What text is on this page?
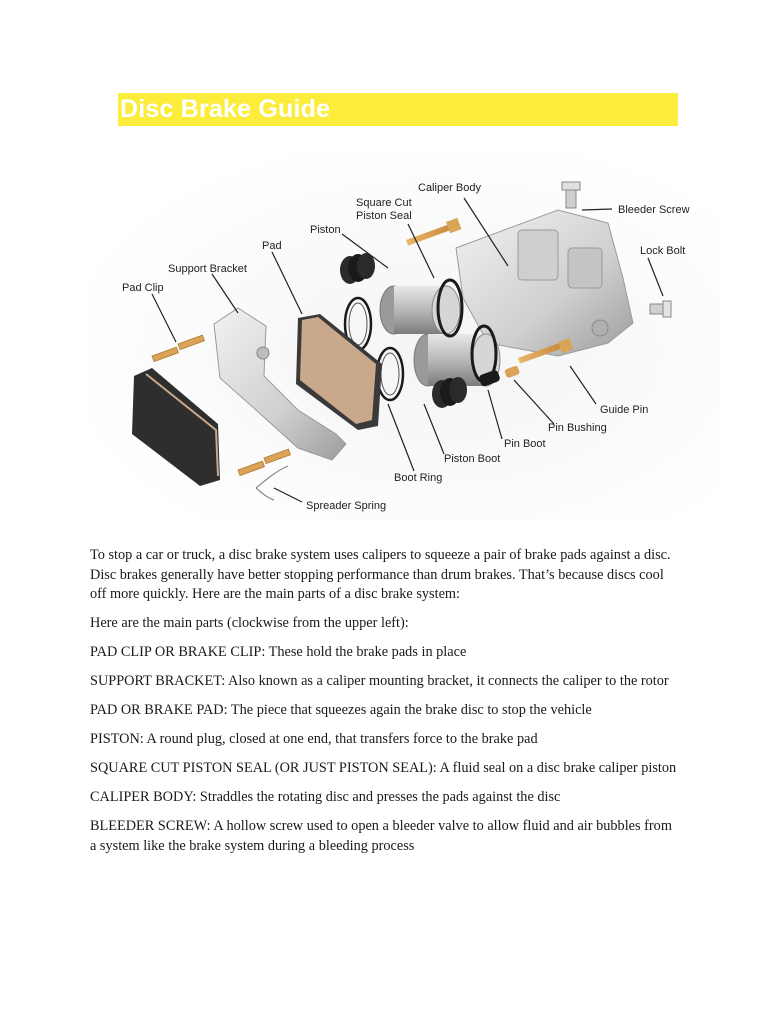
Disc Brake Guide
Caliper Body
Square Cut
Piston Seal	Bleeder Screw
Piston
Pad	Lock Bolt
Support Bracket
Pad Clip
Guide Pin
Pin Bushing
Pin Boot
Piston Boot
Boot Ring
Spreader Spring

To stop a car or truck, a disc brake system uses calipers to squeeze a pair of brake pads against a disc. Disc brakes generally have better stopping performance than drum brakes. That’s because discs cool off more quickly. Here are the main parts of a disc brake system:

Here are the main parts (clockwise from the upper left):

PAD CLIP OR BRAKE CLIP: These hold the brake pads in place

SUPPORT BRACKET: Also known as a caliper mounting bracket, it connects the caliper to the rotor

PAD OR BRAKE PAD: The piece that squeezes again the brake disc to stop the vehicle

PISTON: A round plug, closed at one end, that transfers force to the brake pad

SQUARE CUT PISTON SEAL (OR JUST PISTON SEAL): A fluid seal on a disc brake caliper piston

CALIPER BODY: Straddles the rotating disc and presses the pads against the disc

BLEEDER SCREW: A hollow screw used to open a bleeder valve to allow fluid and air bubbles from a system like the brake system during a bleeding process
